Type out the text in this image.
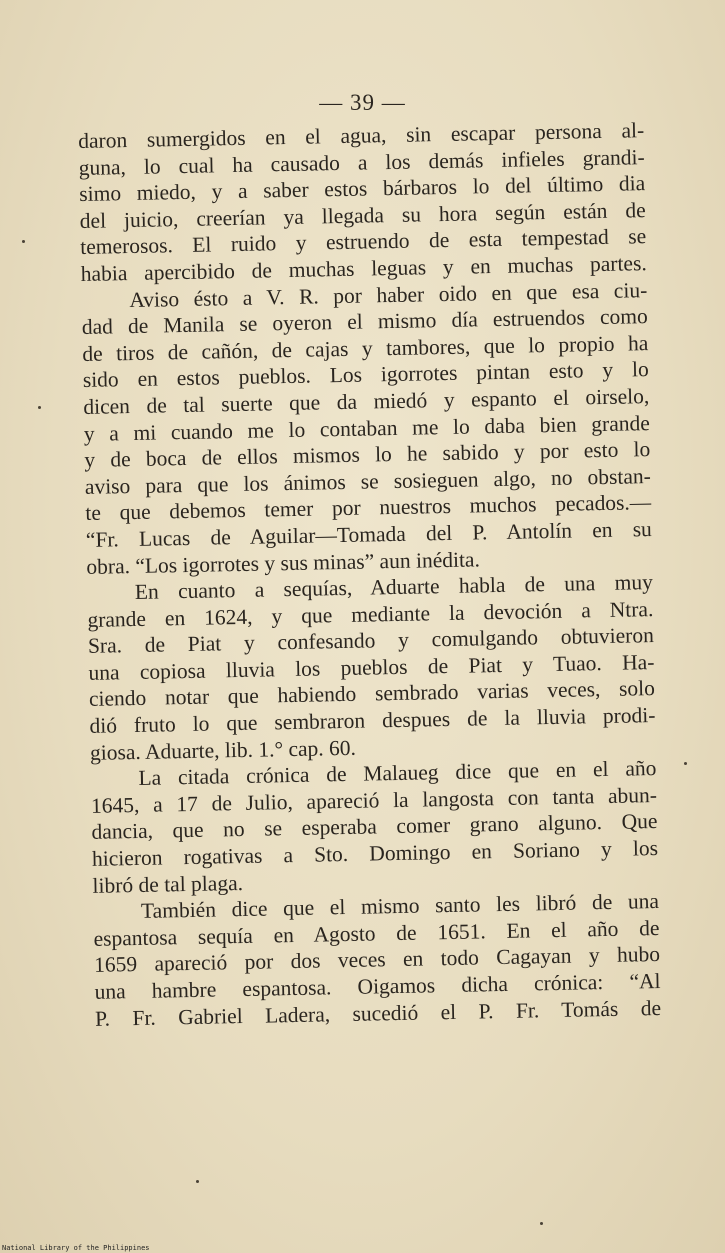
— 39 —
daron sumergidos en el agua, sin escapar persona al-
guna, lo cual ha causado a los demás infieles grandi-
simo miedo, y a saber estos bárbaros lo del último dia
del juicio, creerían ya llegada su hora según están de
temerosos. El ruido y estruendo de esta tempestad se
habia apercibido de muchas leguas y en muchas partes.
Aviso ésto a V. R. por haber oido en que esa ciu-
dad de Manila se oyeron el mismo día estruendos como
de tiros de cañón, de cajas y tambores, que lo propio ha
sido en estos pueblos. Los igorrotes pintan esto y lo
dicen de tal suerte que da miedó y espanto el oirselo,
y a mi cuando me lo contaban me lo daba bien grande
y de boca de ellos mismos lo he sabido y por esto lo
aviso para que los ánimos se sosieguen algo, no obstan-
te que debemos temer por nuestros muchos pecados.—
“Fr. Lucas de Aguilar—Tomada del P. Antolín en su
obra. “Los igorrotes y sus minas” aun inédita.
En cuanto a sequías, Aduarte habla de una muy
grande en 1624, y que mediante la devoción a Ntra.
Sra. de Piat y confesando y comulgando obtuvieron
una copiosa lluvia los pueblos de Piat y Tuao. Ha-
ciendo notar que habiendo sembrado varias veces, solo
dió fruto lo que sembraron despues de la lluvia prodi-
giosa. Aduarte, lib. 1.° cap. 60.
La citada crónica de Malaueg dice que en el año
1645, a 17 de Julio, apareció la langosta con tanta abun-
dancia, que no se esperaba comer grano alguno. Que
hicieron rogativas a Sto. Domingo en Soriano y los
libró de tal plaga.
También dice que el mismo santo les libró de una
espantosa sequía en Agosto de 1651. En el año de
1659 apareció por dos veces en todo Cagayan y hubo
una hambre espantosa. Oigamos dicha crónica: “Al
P. Fr. Gabriel Ladera, sucedió el P. Fr. Tomás de
National Library of the Philippines
